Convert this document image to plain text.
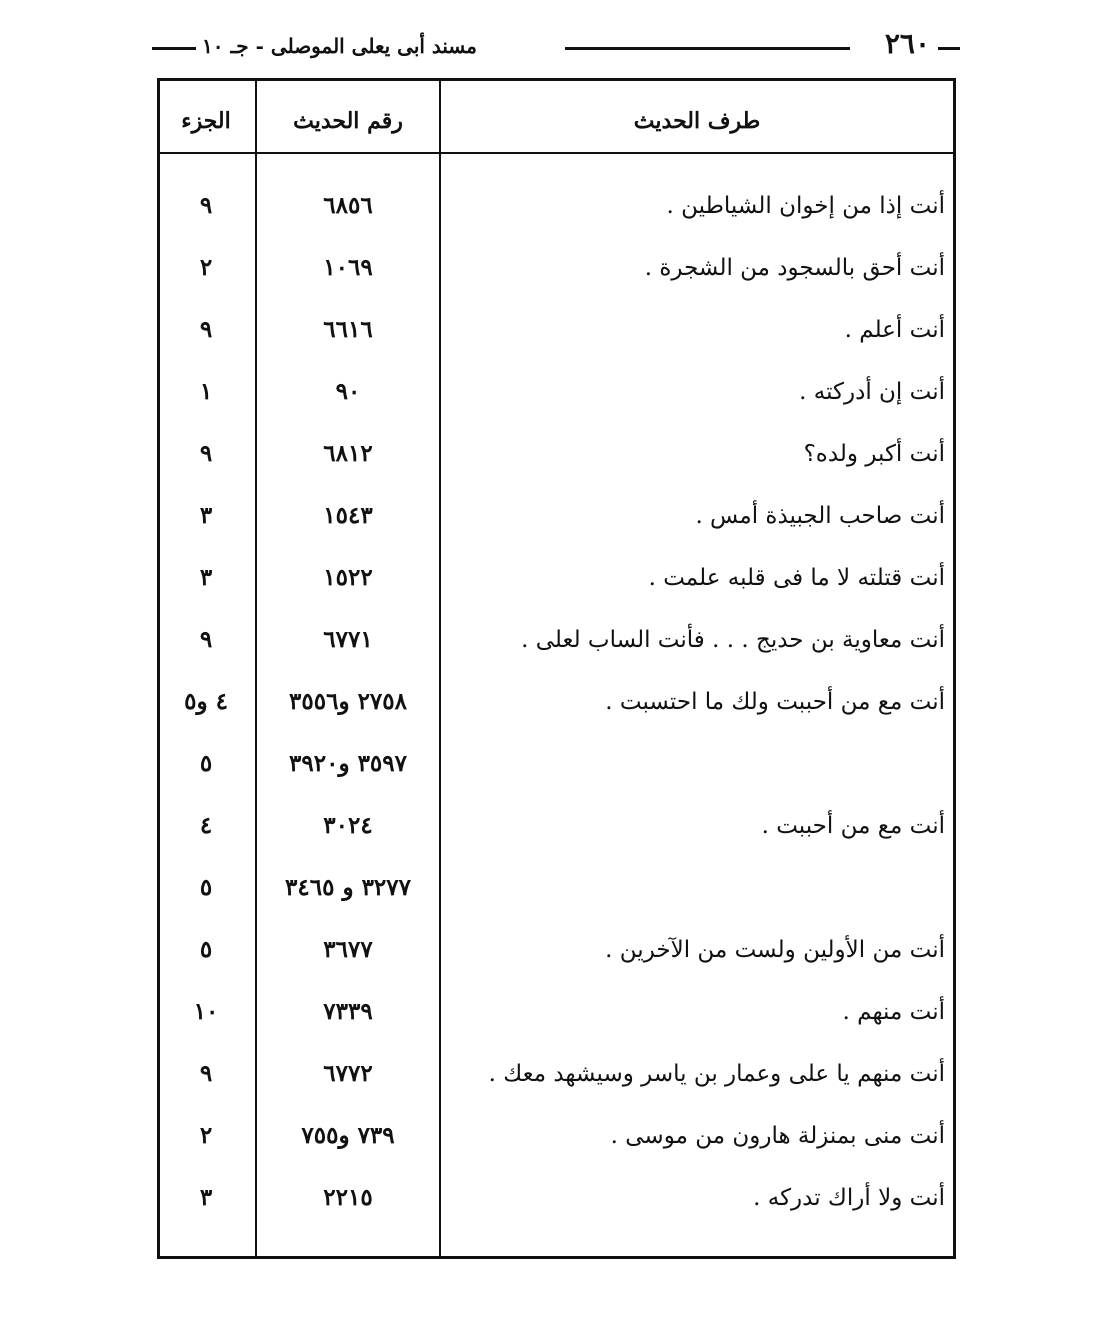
٢٦٠
مسند أبى يعلى الموصلى - جـ ١٠
طرف الحديث
رقم الحديث
الجزء
أنت إذا من إخوان الشياطين .
٦٨٥٦
٩
أنت أحق بالسجود من الشجرة .
١٠٦٩
٢
أنت أعلم .
٦٦١٦
٩
أنت إن أدركته .
٩٠
١
أنت أكبر ولده؟
٦٨١٢
٩
أنت صاحب الجبيذة أمس .
١٥٤٣
٣
أنت قتلته لا ما فى قلبه علمت .
١٥٢٢
٣
أنت معاوية بن حديج . . . فأنت الساب لعلى .
٦٧٧١
٩
أنت مع من أحببت ولك ما احتسبت .
٢٧٥٨ و٣٥٥٦
٤ و٥
٣٥٩٧ و٣٩٢٠
٥
أنت مع من أحببت .
٣٠٢٤
٤
٣٢٧٧ و ٣٤٦٥
٥
أنت من الأولين ولست من الآخرين .
٣٦٧٧
٥
أنت منهم .
٧٣٣٩
١٠
أنت منهم يا على وعمار بن ياسر وسيشهد معك .
٦٧٧٢
٩
أنت منى بمنزلة هارون من موسى .
٧٣٩ و٧٥٥
٢
أنت ولا أراك تدركه .
٢٢١٥
٣
